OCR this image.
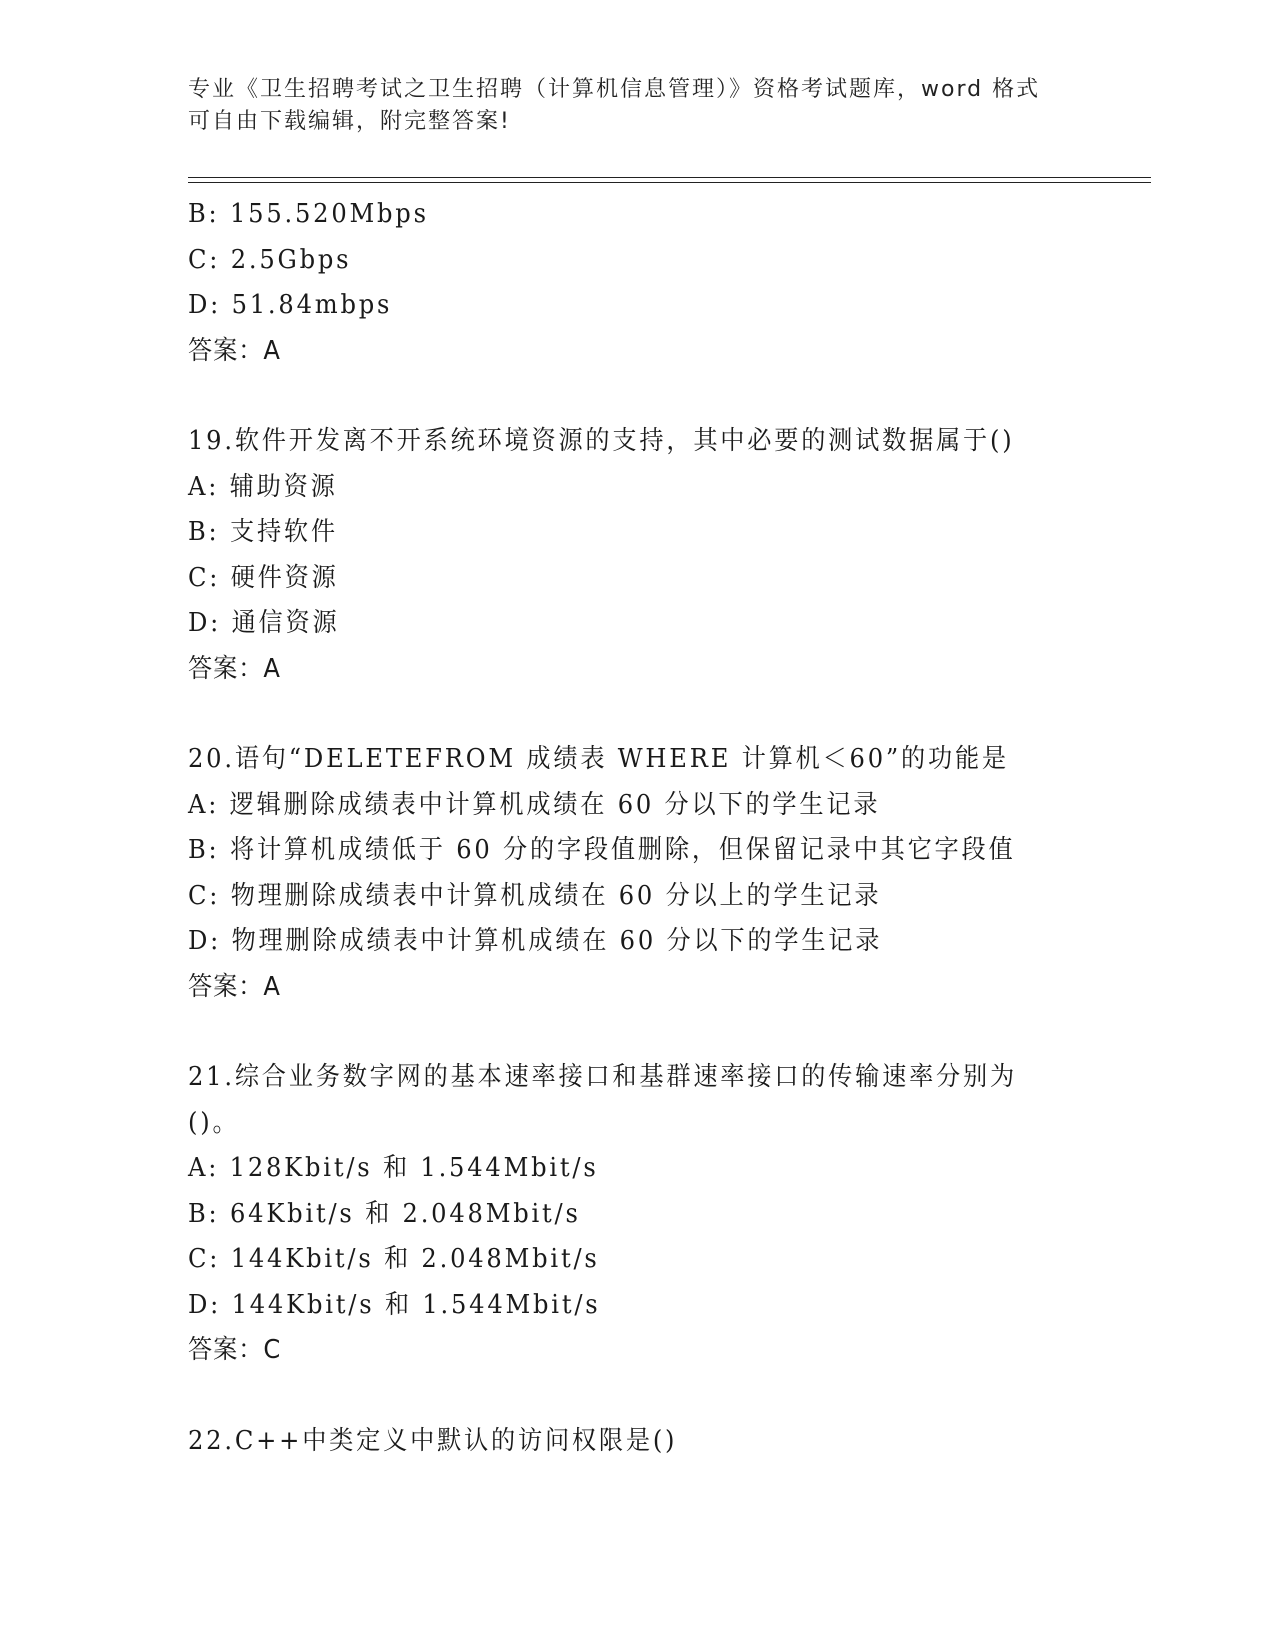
专业《卫生招聘考试之卫生招聘（计算机信息管理）》资格考试题库，word 格式
可自由下载编辑，附完整答案!
B: 155.520Mbps
C: 2.5Gbps
D: 51.84mbps
答案：A
19.软件开发离不开系统环境资源的支持，其中必要的测试数据属于()
A: 辅助资源
B: 支持软件
C: 硬件资源
D: 通信资源
答案：A
20.语句“DELETEFROM 成绩表 WHERE 计算机＜60”的功能是
A: 逻辑删除成绩表中计算机成绩在 60 分以下的学生记录
B: 将计算机成绩低于 60 分的字段值删除，但保留记录中其它字段值
C: 物理删除成绩表中计算机成绩在 60 分以上的学生记录
D: 物理删除成绩表中计算机成绩在 60 分以下的学生记录
答案：A
21.综合业务数字网的基本速率接口和基群速率接口的传输速率分别为
()。
A: 128Kbit/s 和 1.544Mbit/s
B: 64Kbit/s 和 2.048Mbit/s
C: 144Kbit/s 和 2.048Mbit/s
D: 144Kbit/s 和 1.544Mbit/s
答案：C
22.C++中类定义中默认的访问权限是()
